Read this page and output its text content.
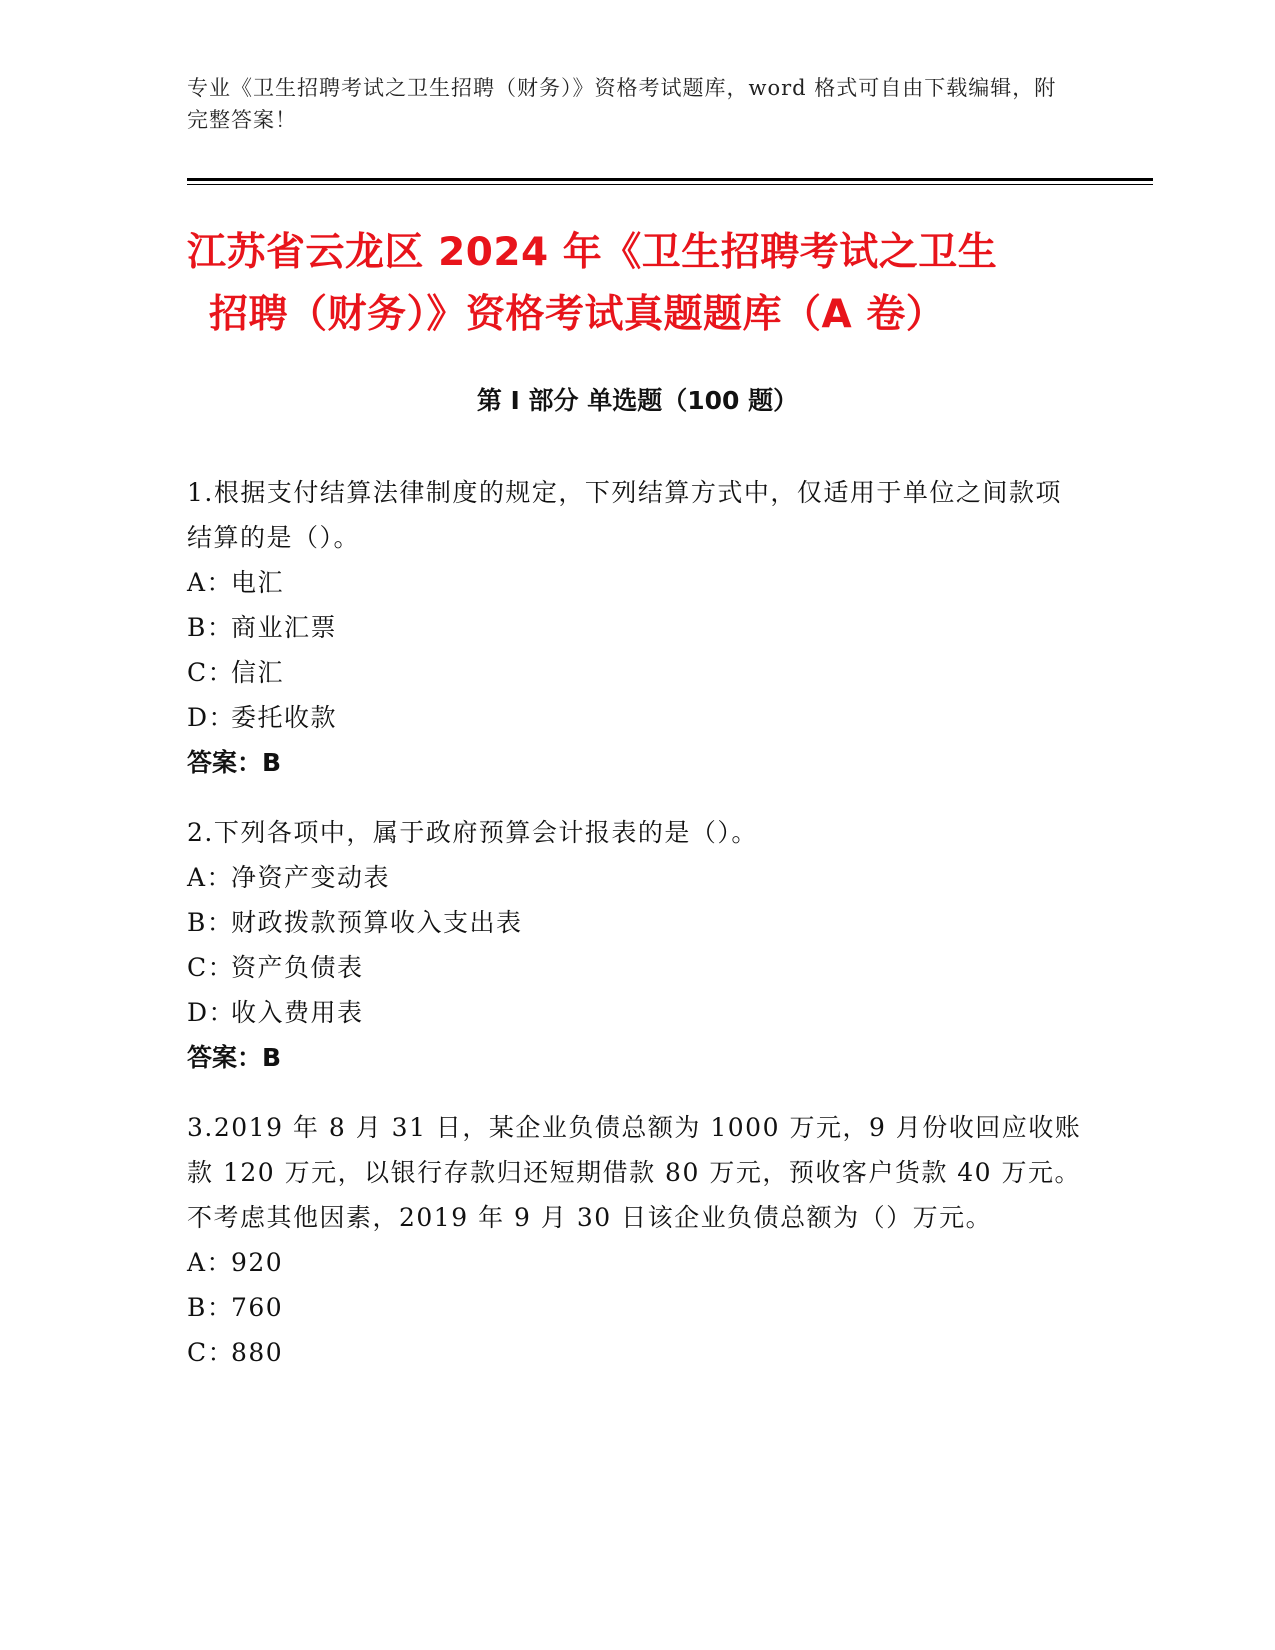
专业《卫生招聘考试之卫生招聘（财务）》资格考试题库，word 格式可自由下载编辑，附完整答案！
江苏省云龙区 2024 年《卫生招聘考试之卫生
招聘（财务）》资格考试真题题库（A 卷）
第 I 部分 单选题（100 题）

1.根据支付结算法律制度的规定，下列结算方式中，仅适用于单位之间款项结算的是（）。

A：电汇

B：商业汇票

C：信汇

D：委托收款

答案：B

2.下列各项中，属于政府预算会计报表的是（）。

A：净资产变动表

B：财政拨款预算收入支出表

C：资产负债表

D：收入费用表

答案：B

3.2019 年 8 月 31 日，某企业负债总额为 1000 万元，9 月份收回应收账款 120 万元，以银行存款归还短期借款 80 万元，预收客户货款 40 万元。不考虑其他因素，2019 年 9 月 30 日该企业负债总额为（）万元。

A：920

B：760

C：880
